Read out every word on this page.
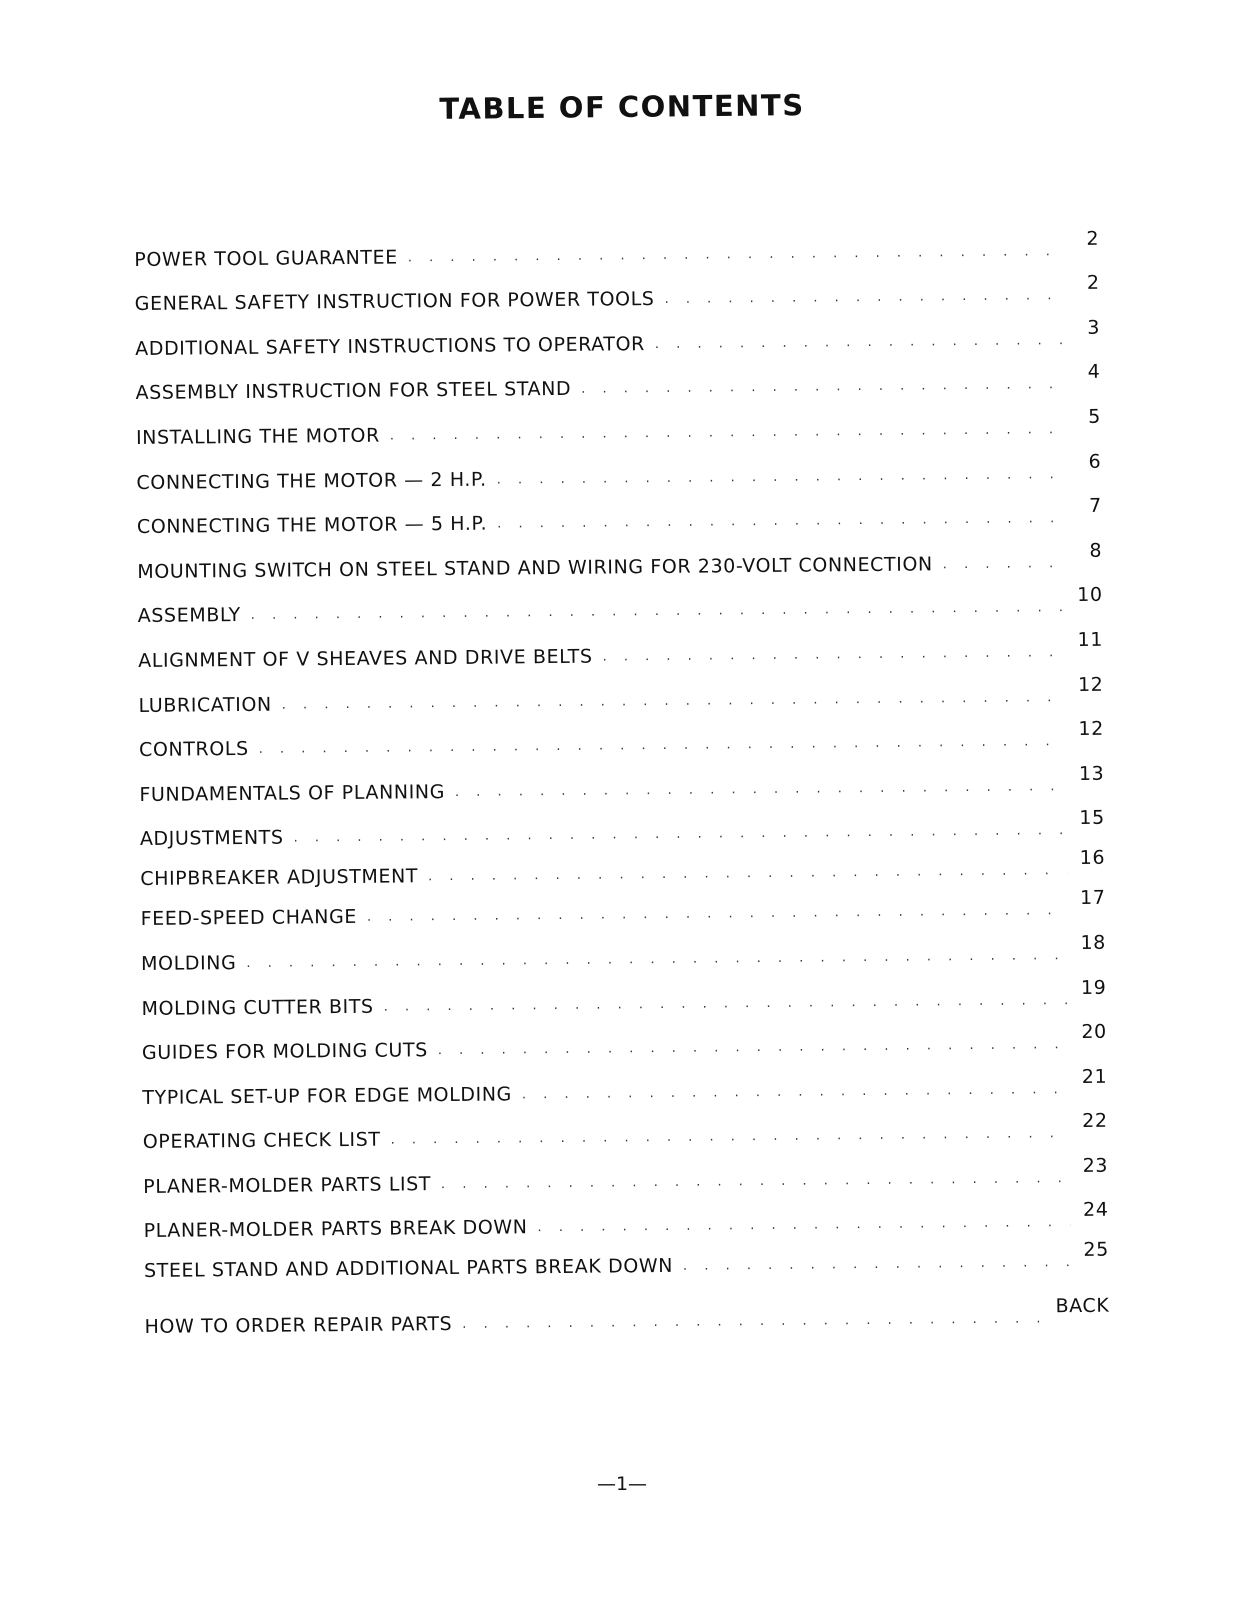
TABLE OF CONTENTS
POWER TOOL GUARANTEE
. . .
2
GENERAL SAFETY INSTRUCTION FOR POWER TOOLS
. . .
2
ADDITIONAL SAFETY INSTRUCTIONS TO OPERATOR
. . .
3
ASSEMBLY INSTRUCTION FOR STEEL STAND
. . .
4
INSTALLING THE MOTOR
. . .
5
CONNECTING THE MOTOR — 2 H.P.
. . .
6
CONNECTING THE MOTOR — 5 H.P.
. . .
7
MOUNTING SWITCH ON STEEL STAND AND WIRING FOR 230-VOLT CONNECTION
. . .
8
ASSEMBLY
. . .
10
ALIGNMENT OF V SHEAVES AND DRIVE BELTS
. . .
11
LUBRICATION
. . .
12
CONTROLS
. . .
12
FUNDAMENTALS OF PLANNING
. . .
13
ADJUSTMENTS
. . .
15
CHIPBREAKER ADJUSTMENT
. . .
16
FEED-SPEED CHANGE
. . .
17
MOLDING
. . .
18
MOLDING CUTTER BITS
. . .
19
GUIDES FOR MOLDING CUTS
. . .
20
TYPICAL SET-UP FOR EDGE MOLDING
. . .
21
OPERATING CHECK LIST
. . .
22
PLANER-MOLDER PARTS LIST
. . .
23
PLANER-MOLDER PARTS BREAK DOWN
. . .
24
STEEL STAND AND ADDITIONAL PARTS BREAK DOWN
. . .
25
HOW TO ORDER REPAIR PARTS
. . .
BACK
—1—
